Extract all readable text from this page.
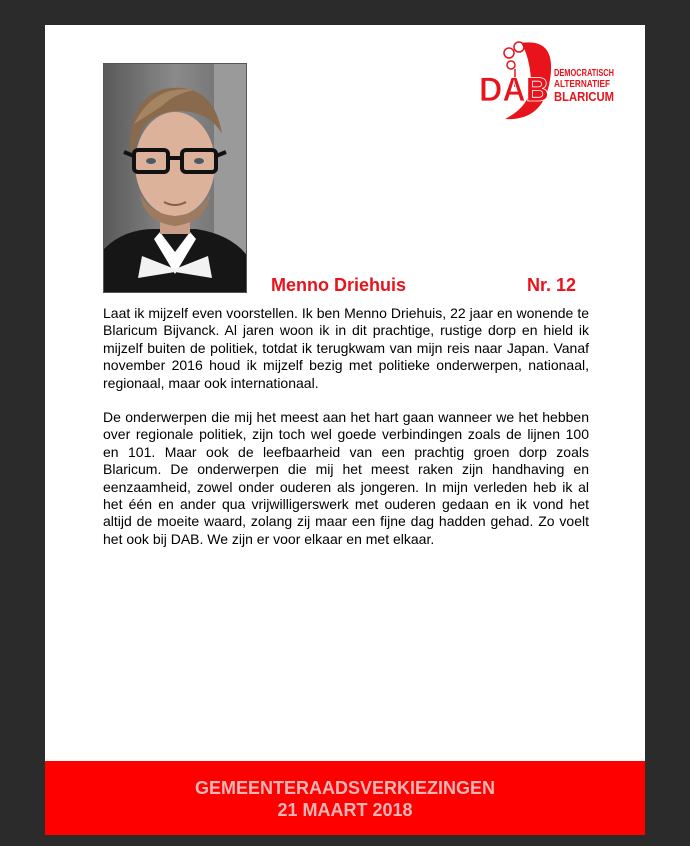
DAB DEMOCRATISCH
ALTERNATIEF
BLARICUM
Menno Driehuis	Nr. 12

Laat ik mijzelf even voorstellen. Ik ben Menno Driehuis, 22 jaar en wonende te Blaricum Bijvanck. Al jaren woon ik in dit prachtige, rustige dorp en hield ik mijzelf buiten de politiek, totdat ik terugkwam van mijn reis naar Japan. Vanaf november 2016 houd ik mijzelf bezig met politieke onderwerpen, nationaal, regionaal, maar ook internationaal.

De onderwerpen die mij het meest aan het hart gaan wanneer we het hebben over regionale politiek, zijn toch wel goede verbindingen zoals de lijnen 100 en 101. Maar ook de leefbaarheid van een prachtig groen dorp zoals Blaricum. De onderwerpen die mij het meest raken zijn handhaving en eenzaamheid, zowel onder ouderen als jongeren. In mijn verleden heb ik al het één en ander qua vrijwilligerswerk met ouderen gedaan en ik vond het altijd de moeite waard, zolang zij maar een fijne dag hadden gehad. Zo voelt het ook bij DAB. We zijn er voor elkaar en met elkaar.

GEMEENTERAADSVERKIEZINGEN
21 MAART 2018
